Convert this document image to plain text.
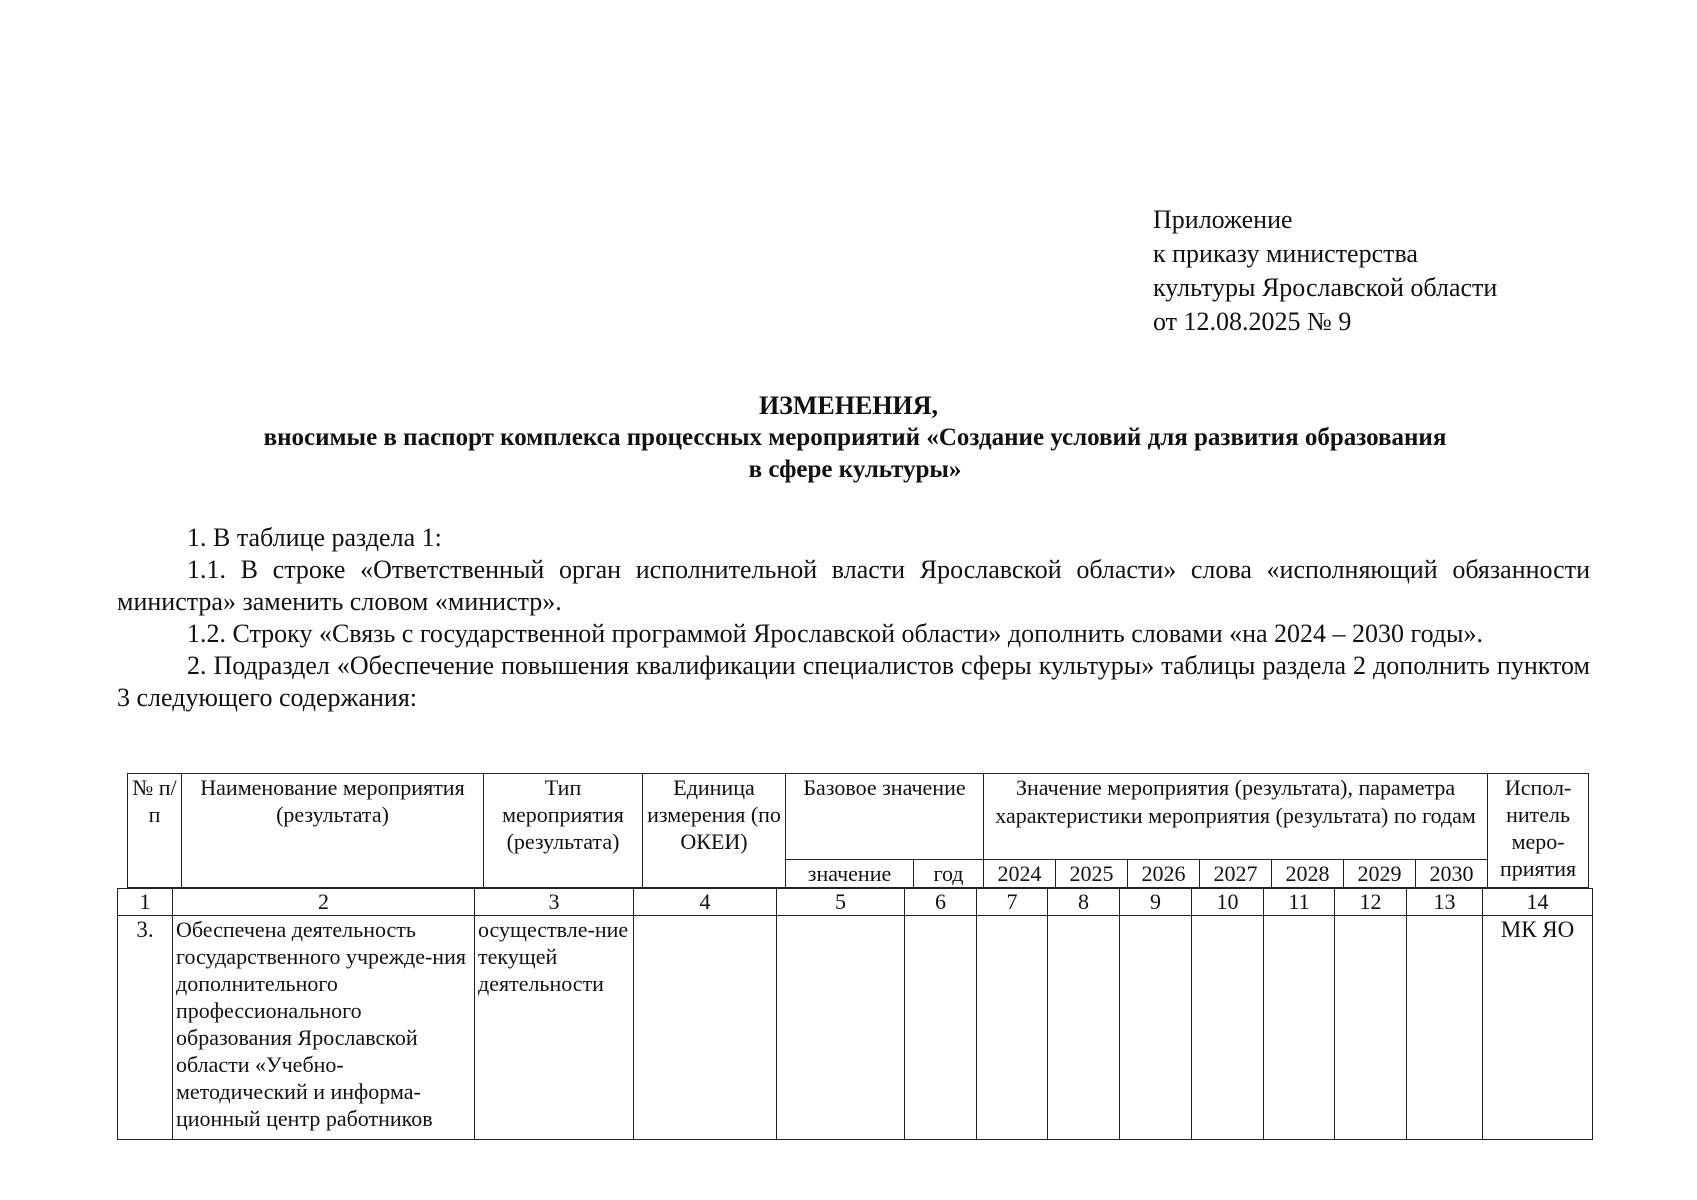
Приложение
к приказу министерства
культуры Ярославской области
от 12.08.2025 № 9
ИЗМЕНЕНИЯ,
вносимые в паспорт комплекса процессных мероприятий «Создание условий для развития образования
в сфере культуры»

1. В таблице раздела 1:

1.1. В строке «Ответственный орган исполнительной власти Ярославской области» слова «исполняющий обязанности министра» заменить словом «министр».

1.2. Строку «Связь с государственной программой Ярославской области» дополнить словами «на 2024 – 2030 годы».

2. Подраздел «Обеспечение повышения квалификации специалистов сферы культуры» таблицы раздела 2 дополнить пунктом 3 следующего содержания:

№ п/п	Наименование мероприятия (результата)	Тип мероприятия (результата)	Единица измерения (по ОКЕИ)	Базовое значение		Значение мероприятия (результата), параметра характеристики мероприятия (результата) по годам							Испол-нитель меро-приятия
				значение	год	2024	2025	2026	2027	2028	2029	2030	
1	2	3	4	5	6	7	8	9	10	11	12	13	14
3.	Обеспечена деятельность государственного учрежде-ния дополнительного профессионального образования Ярославской области «Учебно-методический и информа-ционный центр работников	осуществле-ние текущей деятельности											МК ЯО
